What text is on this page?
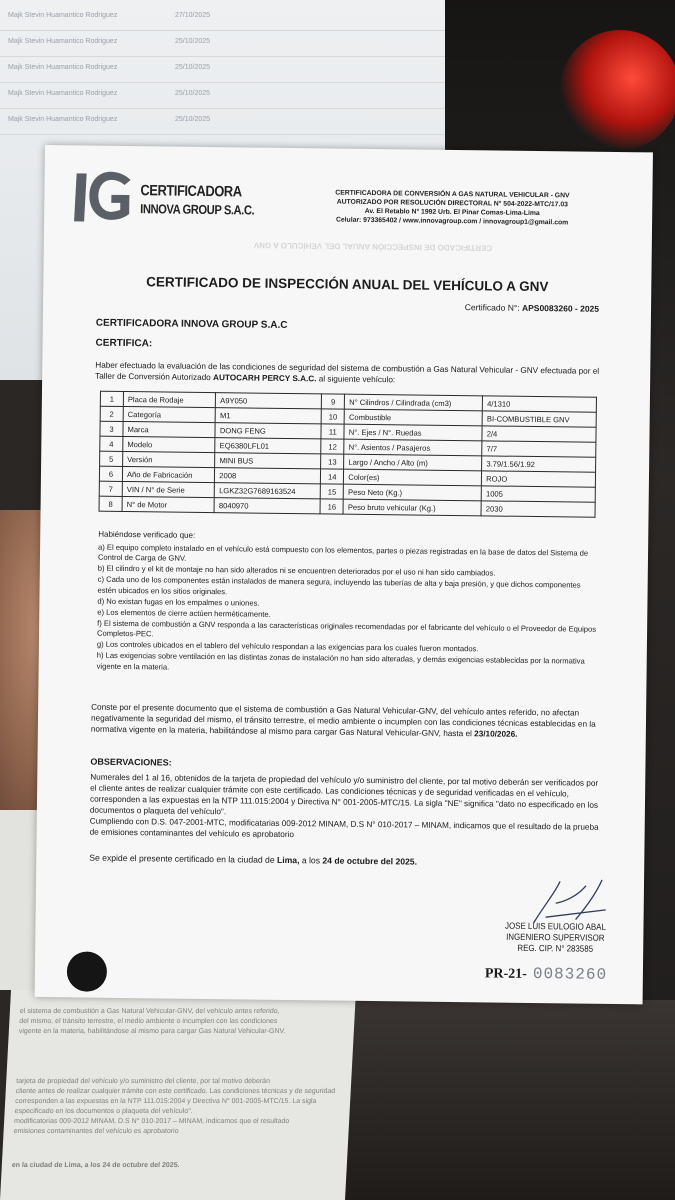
Majk Stevin Huamantico Rodriguez	27/10/2025
Majk Stevin Huamantico Rodriguez	25/10/2025
Majk Stevin Huamantico Rodriguez	25/10/2025
Majk Stevin Huamantico Rodriguez	25/10/2025
Majk Stevin Huamantico Rodriguez	25/10/2025

el sistema de combustión a Gas Natural Vehicular-GNV, del vehículo antes referido,

del mismo, el tránsito terrestre, el medio ambiente o incumplen con las condiciones

vigente en la materia, habilitándose al mismo para cargar Gas Natural Vehicular-GNV.

tarjeta de propiedad del vehículo y/o suministro del cliente, por tal motivo deberán

cliente antes de realizar cualquier trámite con este certificado. Las condiciones técnicas y de seguridad

corresponden a las expuestas en la NTP 111.015:2004 y Directiva N° 001-2005-MTC/15. La sigla

especificado en los documentos o plaqueta del vehículo".

modificatorias 009-2012 MINAM, D.S N° 010-2017 – MINAM, indicamos que el resultado

emisiones contaminantes del vehículo es aprobatorio

en la ciudad de Lima, a los 24 de octubre del 2025.

CERTIFICADO DE INSPECCIÓN ANUAL DEL VEHÍCULO A GNV
CERTIFICADORA
INNOVA GROUP S.A.C.
CERTIFICADORA DE CONVERSIÓN A GAS NATURAL VEHICULAR - GNV
AUTORIZADO POR RESOLUCIÓN DIRECTORAL N° 504-2022-MTC/17.03
Av. El Retablo N° 1992 Urb. El Pinar Comas-Lima-Lima
Celular: 973365402 / www.innovagroup.com / innovagroup1@gmail.com
CERTIFICADO DE INSPECCIÓN ANUAL DEL VEHÍCULO A GNV
Certificado N°: APS0083260 - 2025
CERTIFICADORA INNOVA GROUP S.A.C
CERTIFICA:
Haber efectuado la evaluación de las condiciones de seguridad del sistema de combustión a Gas Natural Vehicular - GNV efectuada por el Taller de Conversión Autorizado AUTOCARH PERCY S.A.C. al siguiente vehículo:
1	Placa de Rodaje	A9Y050	9	N° Cilindros / Cilindrada (cm3)	4/1310
2	Categoría	M1	10	Combustible	BI-COMBUSTIBLE GNV
3	Marca	DONG FENG	11	N°. Ejes / N°. Ruedas	2/4
4	Modelo	EQ6380LFL01	12	N°. Asientos / Pasajeros	7/7
5	Versión	MINI BUS	13	Largo / Ancho / Alto (m)	3.79/1.56/1.92
6	Año de Fabricación	2008	14	Color(es)	ROJO
7	VIN / N° de Serie	LGKZ32G7689163524	15	Peso Neto (Kg.)	1005
8	N° de Motor	8040970	16	Peso bruto vehicular (Kg.)	2030
Habiéndose verificado que:
a) El equipo completo instalado en el vehículo está compuesto con los elementos, partes o piezas registradas en la base de datos del Sistema de Control de Carga de GNV.
b) El cilindro y el kit de montaje no han sido alterados ni se encuentren deteriorados por el uso ni han sido cambiados.
c) Cada uno de los componentes están instalados de manera segura, incluyendo las tuberías de alta y baja presión, y que dichos componentes estén ubicados en los sitios originales.
d) No existan fugas en los empalmes o uniones.
e) Los elementos de cierre actúen herméticamente.
f) El sistema de combustión a GNV responda a las características originales recomendadas por el fabricante del vehículo o el Proveedor de Equipos Completos-PEC.
g) Los controles ubicados en el tablero del vehículo respondan a las exigencias para los cuales fueron montados.
h) Las exigencias sobre ventilación en las distintas zonas de instalación no han sido alteradas, y demás exigencias establecidas por la normativa vigente en la materia.
Conste por el presente documento que el sistema de combustión a Gas Natural Vehicular-GNV, del vehículo antes referido, no afectan negativamente la seguridad del mismo, el tránsito terrestre, el medio ambiente o incumplen con las condiciones técnicas establecidas en la normativa vigente en la materia, habilitándose al mismo para cargar Gas Natural Vehicular-GNV, hasta el 23/10/2026.
OBSERVACIONES:
Numerales del 1 al 16, obtenidos de la tarjeta de propiedad del vehículo y/o suministro del cliente, por tal motivo deberán ser verificados por el cliente antes de realizar cualquier trámite con este certificado. Las condiciones técnicas y de seguridad verificadas en el vehículo, corresponden a las expuestas en la NTP 111.015:2004 y Directiva N° 001-2005-MTC/15. La sigla "NE" significa "dato no especificado en los documentos o plaqueta del vehículo".
Cumpliendo con D.S. 047-2001-MTC, modificatarias 009-2012 MINAM, D.S N° 010-2017 – MINAM, indicamos que el resultado de la prueba de emisiones contaminantes del vehículo es aprobatorio
Se expide el presente certificado en la ciudad de Lima, a los 24 de octubre del 2025.
JOSE LUIS EULOGIO ABAL
INGENIERO SUPERVISOR
REG. CIP. N° 283585
PR-21- 0083260
